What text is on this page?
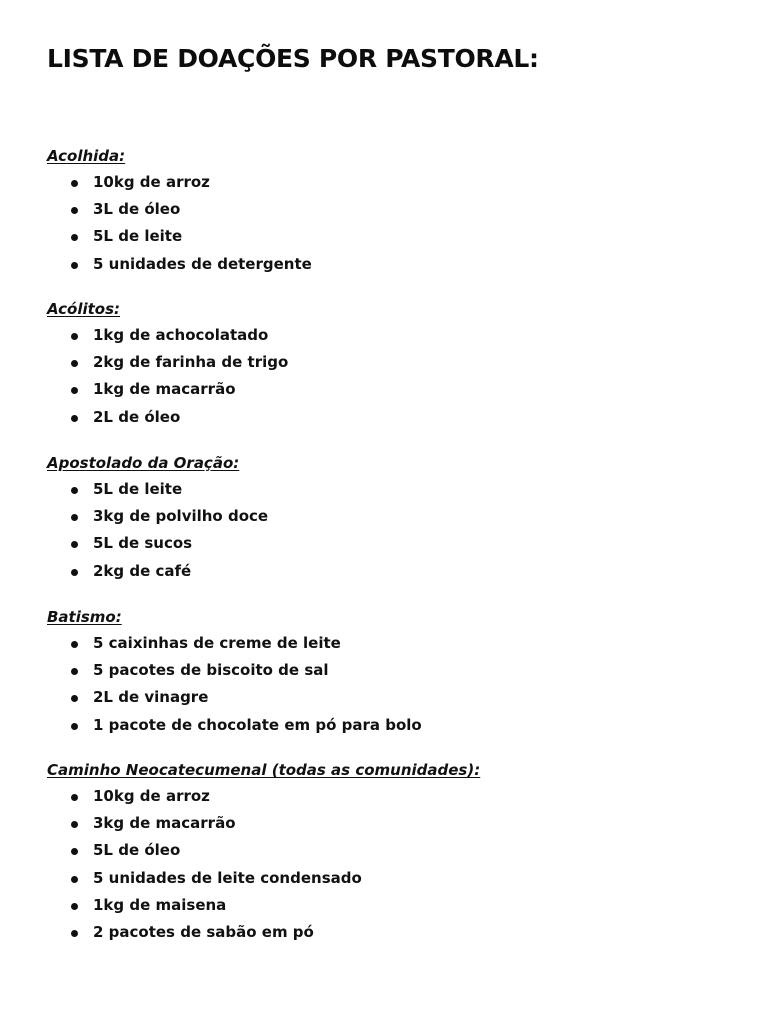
LISTA DE DOAÇÕES POR PASTORAL:
Acolhida:
10kg de arroz
3L de óleo
5L de leite
5 unidades de detergente
Acólitos:
1kg de achocolatado
2kg de farinha de trigo
1kg de macarrão
2L de óleo
Apostolado da Oração:
5L de leite
3kg de polvilho doce
5L de sucos
2kg de café
Batismo:
5 caixinhas de creme de leite
5 pacotes de biscoito de sal
2L de vinagre
1 pacote de chocolate em pó para bolo
Caminho Neocatecumenal (todas as comunidades):
10kg de arroz
3kg de macarrão
5L de óleo
5 unidades de leite condensado
1kg de maisena
2 pacotes de sabão em pó
